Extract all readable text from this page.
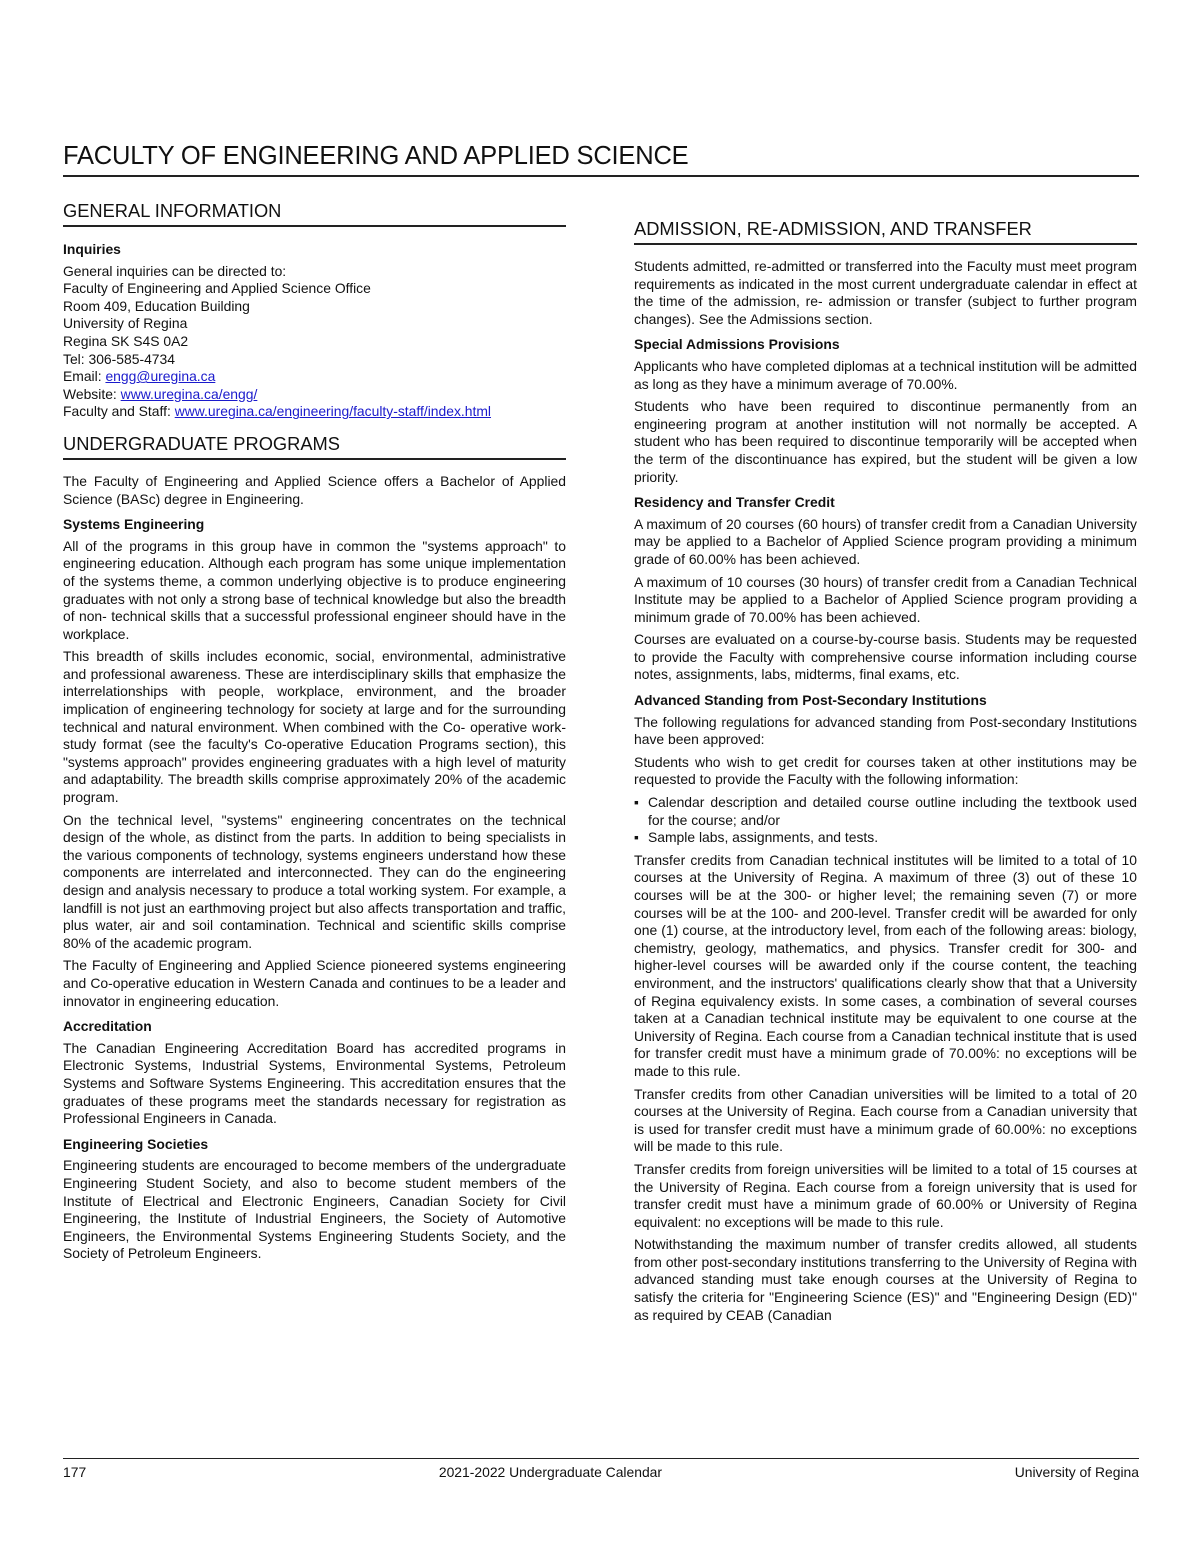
FACULTY OF ENGINEERING AND APPLIED SCIENCE
GENERAL INFORMATION
Inquiries

General inquiries can be directed to:

Faculty of Engineering and Applied Science Office

Room 409, Education Building

University of Regina

Regina SK S4S 0A2

Tel: 306-585-4734

Email: engg@uregina.ca

Website: www.uregina.ca/engg/

Faculty and Staff: www.uregina.ca/engineering/faculty-staff/index.html

UNDERGRADUATE PROGRAMS

The Faculty of Engineering and Applied Science offers a Bachelor of Applied Science (BASc) degree in Engineering.

Systems Engineering

All of the programs in this group have in common the "systems approach" to engineering education. Although each program has some unique implementation of the systems theme, a common underlying objective is to produce engineering graduates with not only a strong base of technical knowledge but also the breadth of non- technical skills that a successful professional engineer should have in the workplace.

This breadth of skills includes economic, social, environmental, administrative and professional awareness. These are interdisciplinary skills that emphasize the interrelationships with people, workplace, environment, and the broader implication of engineering technology for society at large and for the surrounding technical and natural environment. When combined with the Co- operative work-study format (see the faculty's Co-operative Education Programs section), this "systems approach" provides engineering graduates with a high level of maturity and adaptability. The breadth skills comprise approximately 20% of the academic program.

On the technical level, "systems" engineering concentrates on the technical design of the whole, as distinct from the parts. In addition to being specialists in the various components of technology, systems engineers understand how these components are interrelated and interconnected. They can do the engineering design and analysis necessary to produce a total working system. For example, a landfill is not just an earthmoving project but also affects transportation and traffic, plus water, air and soil contamination. Technical and scientific skills comprise 80% of the academic program.

The Faculty of Engineering and Applied Science pioneered systems engineering and Co-operative education in Western Canada and continues to be a leader and innovator in engineering education.

Accreditation

The Canadian Engineering Accreditation Board has accredited programs in Electronic Systems, Industrial Systems, Environmental Systems, Petroleum Systems and Software Systems Engineering. This accreditation ensures that the graduates of these programs meet the standards necessary for registration as Professional Engineers in Canada.

Engineering Societies

Engineering students are encouraged to become members of the undergraduate Engineering Student Society, and also to become student members of the Institute of Electrical and Electronic Engineers, Canadian Society for Civil Engineering, the Institute of Industrial Engineers, the Society of Automotive Engineers, the Environmental Systems Engineering Students Society, and the Society of Petroleum Engineers.

ADMISSION, RE-ADMISSION, AND TRANSFER

Students admitted, re-admitted or transferred into the Faculty must meet program requirements as indicated in the most current undergraduate calendar in effect at the time of the admission, re- admission or transfer (subject to further program changes). See the Admissions section.

Special Admissions Provisions

Applicants who have completed diplomas at a technical institution will be admitted as long as they have a minimum average of 70.00%.

Students who have been required to discontinue permanently from an engineering program at another institution will not normally be accepted. A student who has been required to discontinue temporarily will be accepted when the term of the discontinuance has expired, but the student will be given a low priority.

Residency and Transfer Credit

A maximum of 20 courses (60 hours) of transfer credit from a Canadian University may be applied to a Bachelor of Applied Science program providing a minimum grade of 60.00% has been achieved.

A maximum of 10 courses (30 hours) of transfer credit from a Canadian Technical Institute may be applied to a Bachelor of Applied Science program providing a minimum grade of 70.00% has been achieved.

Courses are evaluated on a course-by-course basis. Students may be requested to provide the Faculty with comprehensive course information including course notes, assignments, labs, midterms, final exams, etc.

Advanced Standing from Post-Secondary Institutions

The following regulations for advanced standing from Post-secondary Institutions have been approved:

Students who wish to get credit for courses taken at other institutions may be requested to provide the Faculty with the following information:

▪ Calendar description and detailed course outline including the textbook used for the course; and/or
▪ Sample labs, assignments, and tests.

Transfer credits from Canadian technical institutes will be limited to a total of 10 courses at the University of Regina. A maximum of three (3) out of these 10 courses will be at the 300- or higher level; the remaining seven (7) or more courses will be at the 100- and 200-level. Transfer credit will be awarded for only one (1) course, at the introductory level, from each of the following areas: biology, chemistry, geology, mathematics, and physics. Transfer credit for 300- and higher-level courses will be awarded only if the course content, the teaching environment, and the instructors' qualifications clearly show that that a University of Regina equivalency exists. In some cases, a combination of several courses taken at a Canadian technical institute may be equivalent to one course at the University of Regina. Each course from a Canadian technical institute that is used for transfer credit must have a minimum grade of 70.00%: no exceptions will be made to this rule.

Transfer credits from other Canadian universities will be limited to a total of 20 courses at the University of Regina. Each course from a Canadian university that is used for transfer credit must have a minimum grade of 60.00%: no exceptions will be made to this rule.

Transfer credits from foreign universities will be limited to a total of 15 courses at the University of Regina. Each course from a foreign university that is used for transfer credit must have a minimum grade of 60.00% or University of Regina equivalent: no exceptions will be made to this rule.

Notwithstanding the maximum number of transfer credits allowed, all students from other post-secondary institutions transferring to the University of Regina with advanced standing must take enough courses at the University of Regina to satisfy the criteria for "Engineering Science (ES)" and "Engineering Design (ED)" as required by CEAB (Canadian

177	2021-2022 Undergraduate Calendar	University of Regina
